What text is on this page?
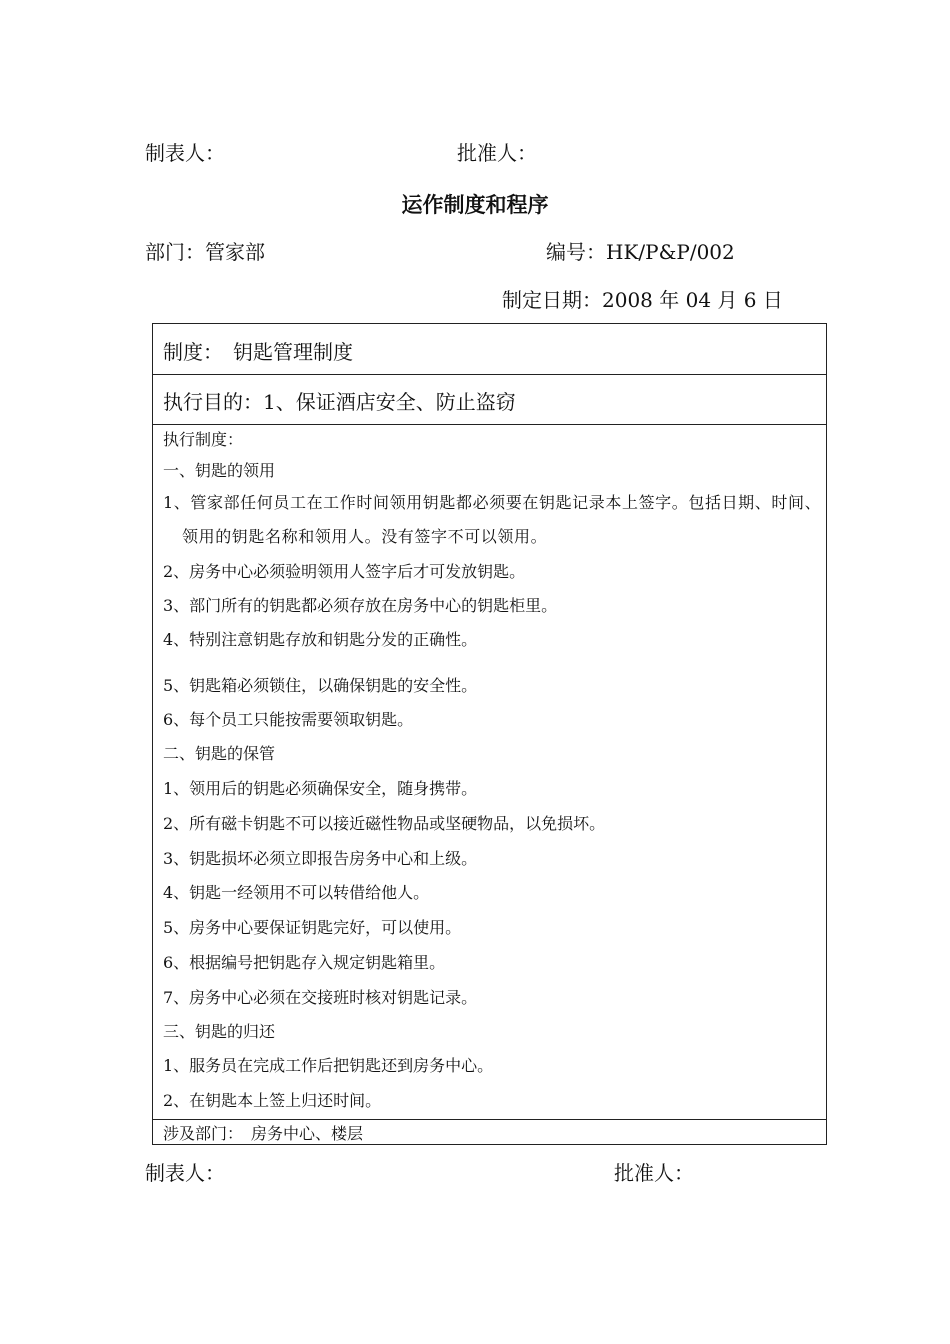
制表人：	批准人：
运作制度和程序
部门：管家部	编号：HK/P&P/002
制定日期：2008 年 04 月 6 日
制度：　钥匙管理制度
执行目的：1、保证酒店安全、防止盗窃
执行制度：
一、钥匙的领用
1、管家部任何员工在工作时间领用钥匙都必须要在钥匙记录本上签字。包括日期、时间、领用的钥匙名称和领用人。没有签字不可以领用。
2、房务中心必须验明领用人签字后才可发放钥匙。
3、部门所有的钥匙都必须存放在房务中心的钥匙柜里。
4、特别注意钥匙存放和钥匙分发的正确性。
5、钥匙箱必须锁住，以确保钥匙的安全性。
6、每个员工只能按需要领取钥匙。
二、钥匙的保管
1、领用后的钥匙必须确保安全，随身携带。
2、所有磁卡钥匙不可以接近磁性物品或坚硬物品，以免损坏。
3、钥匙损坏必须立即报告房务中心和上级。
4、钥匙一经领用不可以转借给他人。
5、房务中心要保证钥匙完好，可以使用。
6、根据编号把钥匙存入规定钥匙箱里。
7、房务中心必须在交接班时核对钥匙记录。
三、钥匙的归还
1、服务员在完成工作后把钥匙还到房务中心。
2、在钥匙本上签上归还时间。
涉及部门：　房务中心、楼层
制表人：	批准人：
